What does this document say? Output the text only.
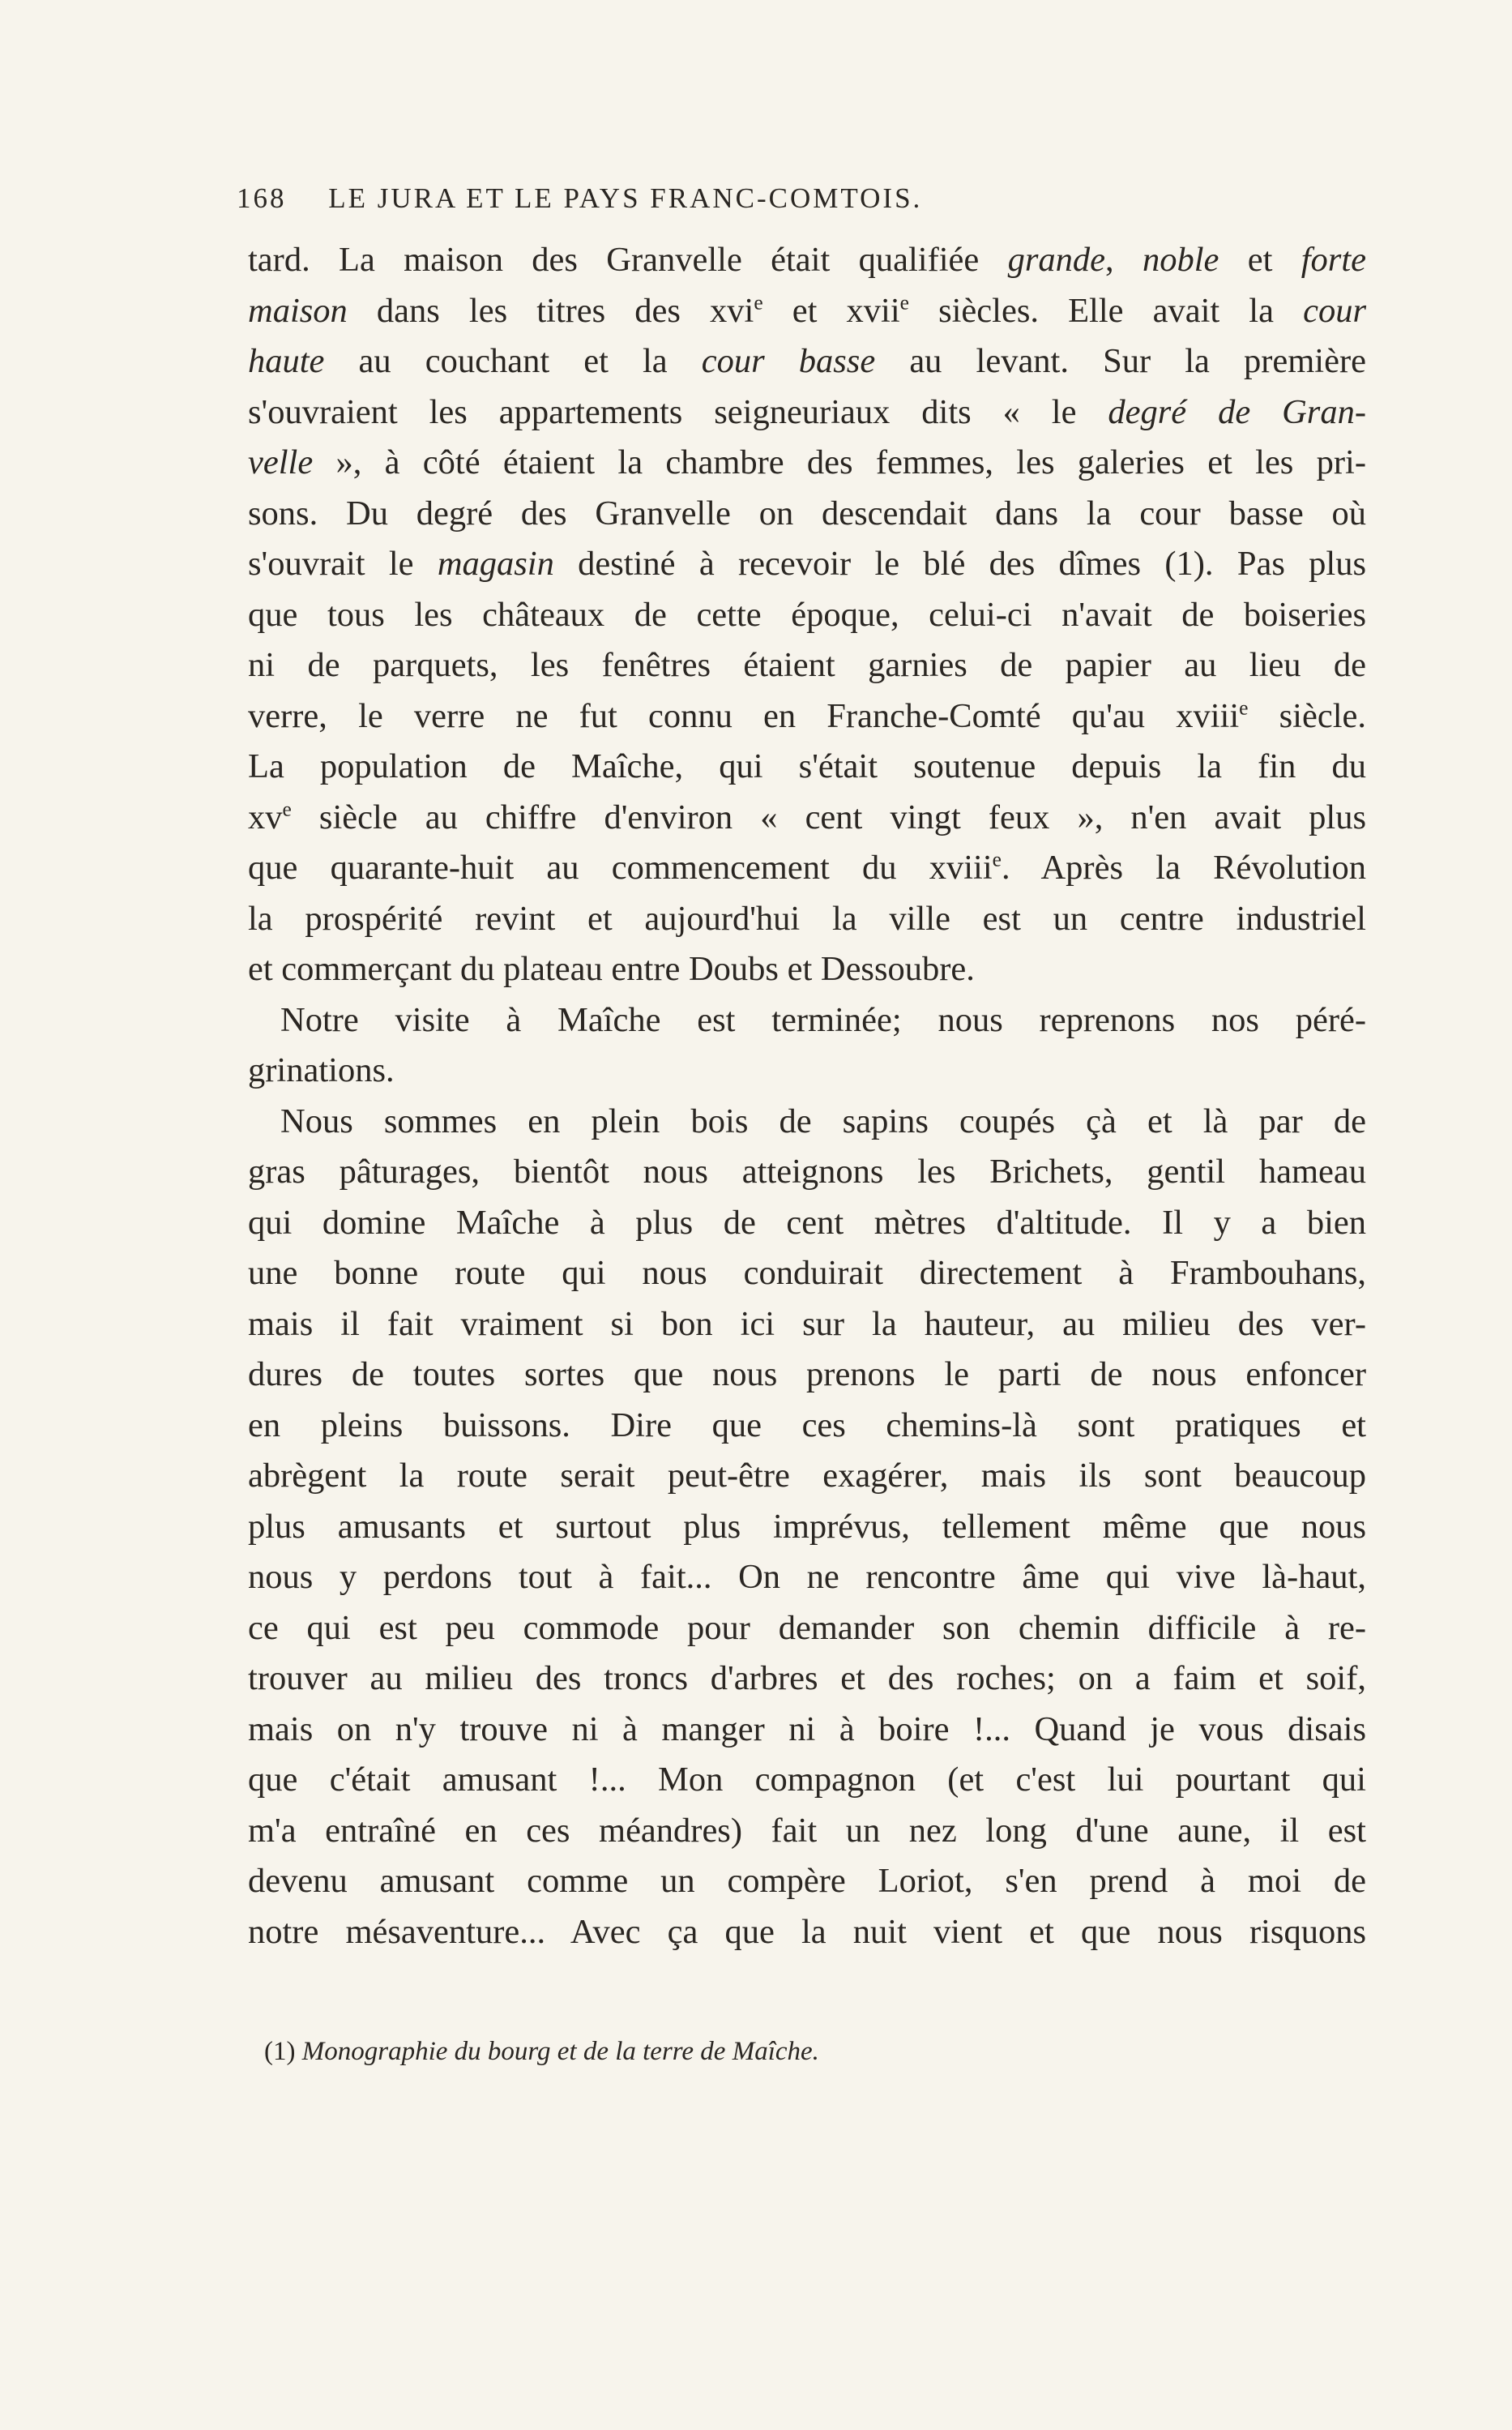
168 LE JURA ET LE PAYS FRANC-COMTOIS.
tard. La maison des Granvelle était qualifiée grande, noble et forte
maison dans les titres des xvi$^e$ et xvii$^e$ siècles. Elle avait la cour
haute au couchant et la cour basse au levant. Sur la première
s'ouvraient les appartements seigneuriaux dits « le degré de Gran-
velle », à côté étaient la chambre des femmes, les galeries et les pri-
sons. Du degré des Granvelle on descendait dans la cour basse où
s'ouvrait le magasin destiné à recevoir le blé des dîmes (1). Pas plus
que tous les châteaux de cette époque, celui-ci n'avait de boiseries
ni de parquets, les fenêtres étaient garnies de papier au lieu de
verre, le verre ne fut connu en Franche-Comté qu'au xviii$^e$ siècle.
La population de Maîche, qui s'était soutenue depuis la fin du
$xv^e$ siècle au chiffre d'environ « cent vingt feux », n'en avait plus
que quarante-huit au commencement du xviii$^e$. Après la Révolution
la prospérité revint et aujourd'hui la ville est un centre industriel
et commerçant du plateau entre Doubs et Dessoubre.
Notre visite à Maîche est terminée; nous reprenons nos péré-
grinations.
Nous sommes en plein bois de sapins coupés çà et là par de
gras pâturages, bientôt nous atteignons les Brichets, gentil hameau
qui domine Maîche à plus de cent mètres d'altitude. Il y a bien
une bonne route qui nous conduirait directement à Frambouhans,
mais il fait vraiment si bon ici sur la hauteur, au milieu des ver-
dures de toutes sortes que nous prenons le parti de nous enfoncer
en pleins buissons. Dire que ces chemins-là sont pratiques et
abrègent la route serait peut-être exagérer, mais ils sont beaucoup
plus amusants et surtout plus imprévus, tellement même que nous
nous y perdons tout à fait... On ne rencontre âme qui vive là-haut,
ce qui est peu commode pour demander son chemin difficile à re-
trouver au milieu des troncs d'arbres et des roches; on a faim et soif,
mais on n'y trouve ni à manger ni à boire !... Quand je vous disais
que c'était amusant !... Mon compagnon (et c'est lui pourtant qui
m'a entraîné en ces méandres) fait un nez long d'une aune, il est
devenu amusant comme un compère Loriot, s'en prend à moi de
notre mésaventure... Avec ça que la nuit vient et que nous risquons
(1) Monographie du bourg et de la terre de Maîche.
